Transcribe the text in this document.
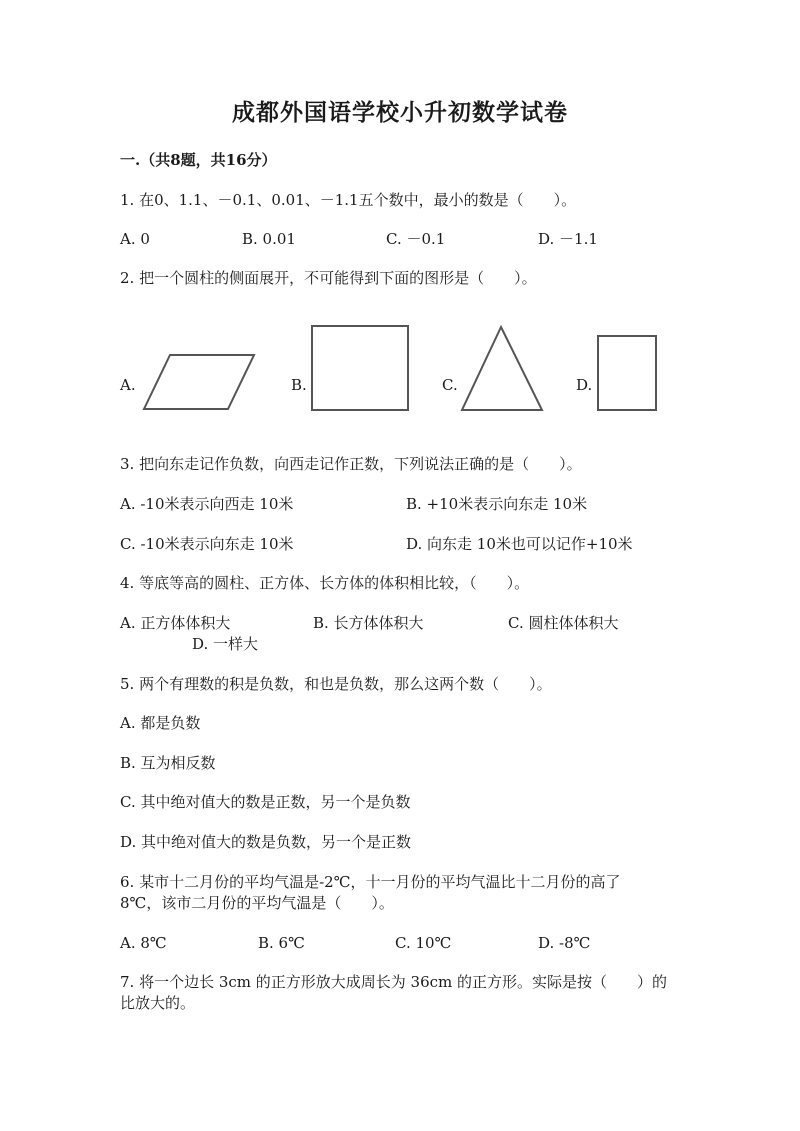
成都外国语学校小升初数学试卷
一.（共8题，共16分）
1. 在0、1.1、－0.1、0.01、－1.1五个数中，最小的数是（　　）。
A. 0	B. 0.01	C. －0.1	D. －1.1
2. 把一个圆柱的侧面展开，不可能得到下面的图形是（　　）。
A.	B.	C.	D.
3. 把向东走记作负数，向西走记作正数，下列说法正确的是（　　）。
A. -10米表示向西走 10米	B. +10米表示向东走 10米
C. -10米表示向东走 10米	D. 向东走 10米也可以记作+10米
4. 等底等高的圆柱、正方体、长方体的体积相比较，（　　）。
A. 正方体体积大	B. 长方体体积大	C. 圆柱体体积大
D. 一样大
5. 两个有理数的积是负数，和也是负数，那么这两个数（　　）。
A. 都是负数
B. 互为相反数
C. 其中绝对值大的数是正数，另一个是负数
D. 其中绝对值大的数是负数，另一个是正数
6. 某市十二月份的平均气温是-2℃，十一月份的平均气温比十二月份的高了
8℃，该市二月份的平均气温是（　　）。
A. 8℃	B. 6℃	C. 10℃	D. -8℃
7. 将一个边长 3cm 的正方形放大成周长为 36cm 的正方形。实际是按（　　）的
比放大的。
